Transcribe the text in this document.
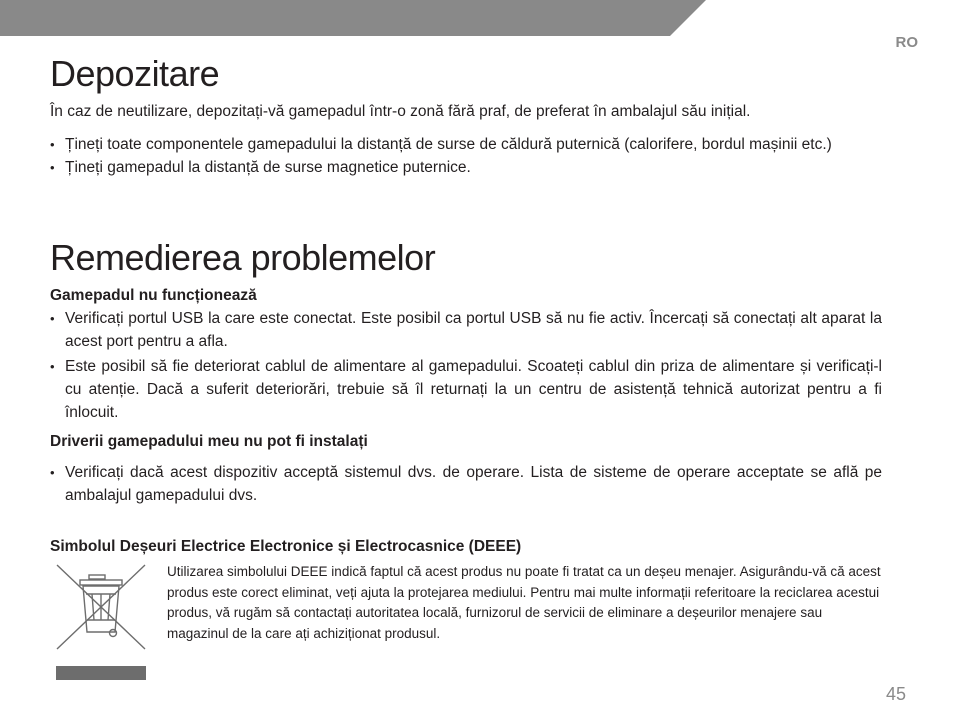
RO
Depozitare

În caz de neutilizare, depozitați-vă gamepadul într-o zonă fără praf, de preferat în ambalajul său inițial.

• Țineți toate componentele gamepadului la distanță de surse de căldură puternică (calorifere, bordul mașinii etc.)
• Țineți gamepadul la distanță de surse magnetice puternice.
Remedierea problemelor
Gamepadul nu funcționează
• Verificați portul USB la care este conectat. Este posibil ca portul USB să nu fie activ. Încercați să conectați alt aparat la acest port pentru a afla.
• Este posibil să fie deteriorat cablul de alimentare al gamepadului. Scoateți cablul din priza de alimentare și verificați-l cu atenție. Dacă a suferit deteriorări, trebuie să îl returnați la un centru de asistență tehnică autorizat pentru a fi înlocuit.
Driverii gamepadului meu nu pot fi instalați
• Verificați dacă acest dispozitiv acceptă sistemul dvs. de operare. Lista de sisteme de operare acceptate se află pe ambalajul gamepadului dvs.
Simbolul Deșeuri Electrice Electronice și Electrocasnice (DEEE)
Utilizarea simbolului DEEE indică faptul că acest produs nu poate fi tratat ca un deșeu menajer. Asigurându-vă că acest produs este corect eliminat, veți ajuta la protejarea mediului. Pentru mai multe informații referitoare la reciclarea acestui produs, vă rugăm să contactați autoritatea locală, furnizorul de servicii de eliminare a deșeurilor menajere sau magazinul de la care ați achiziționat produsul.
45
